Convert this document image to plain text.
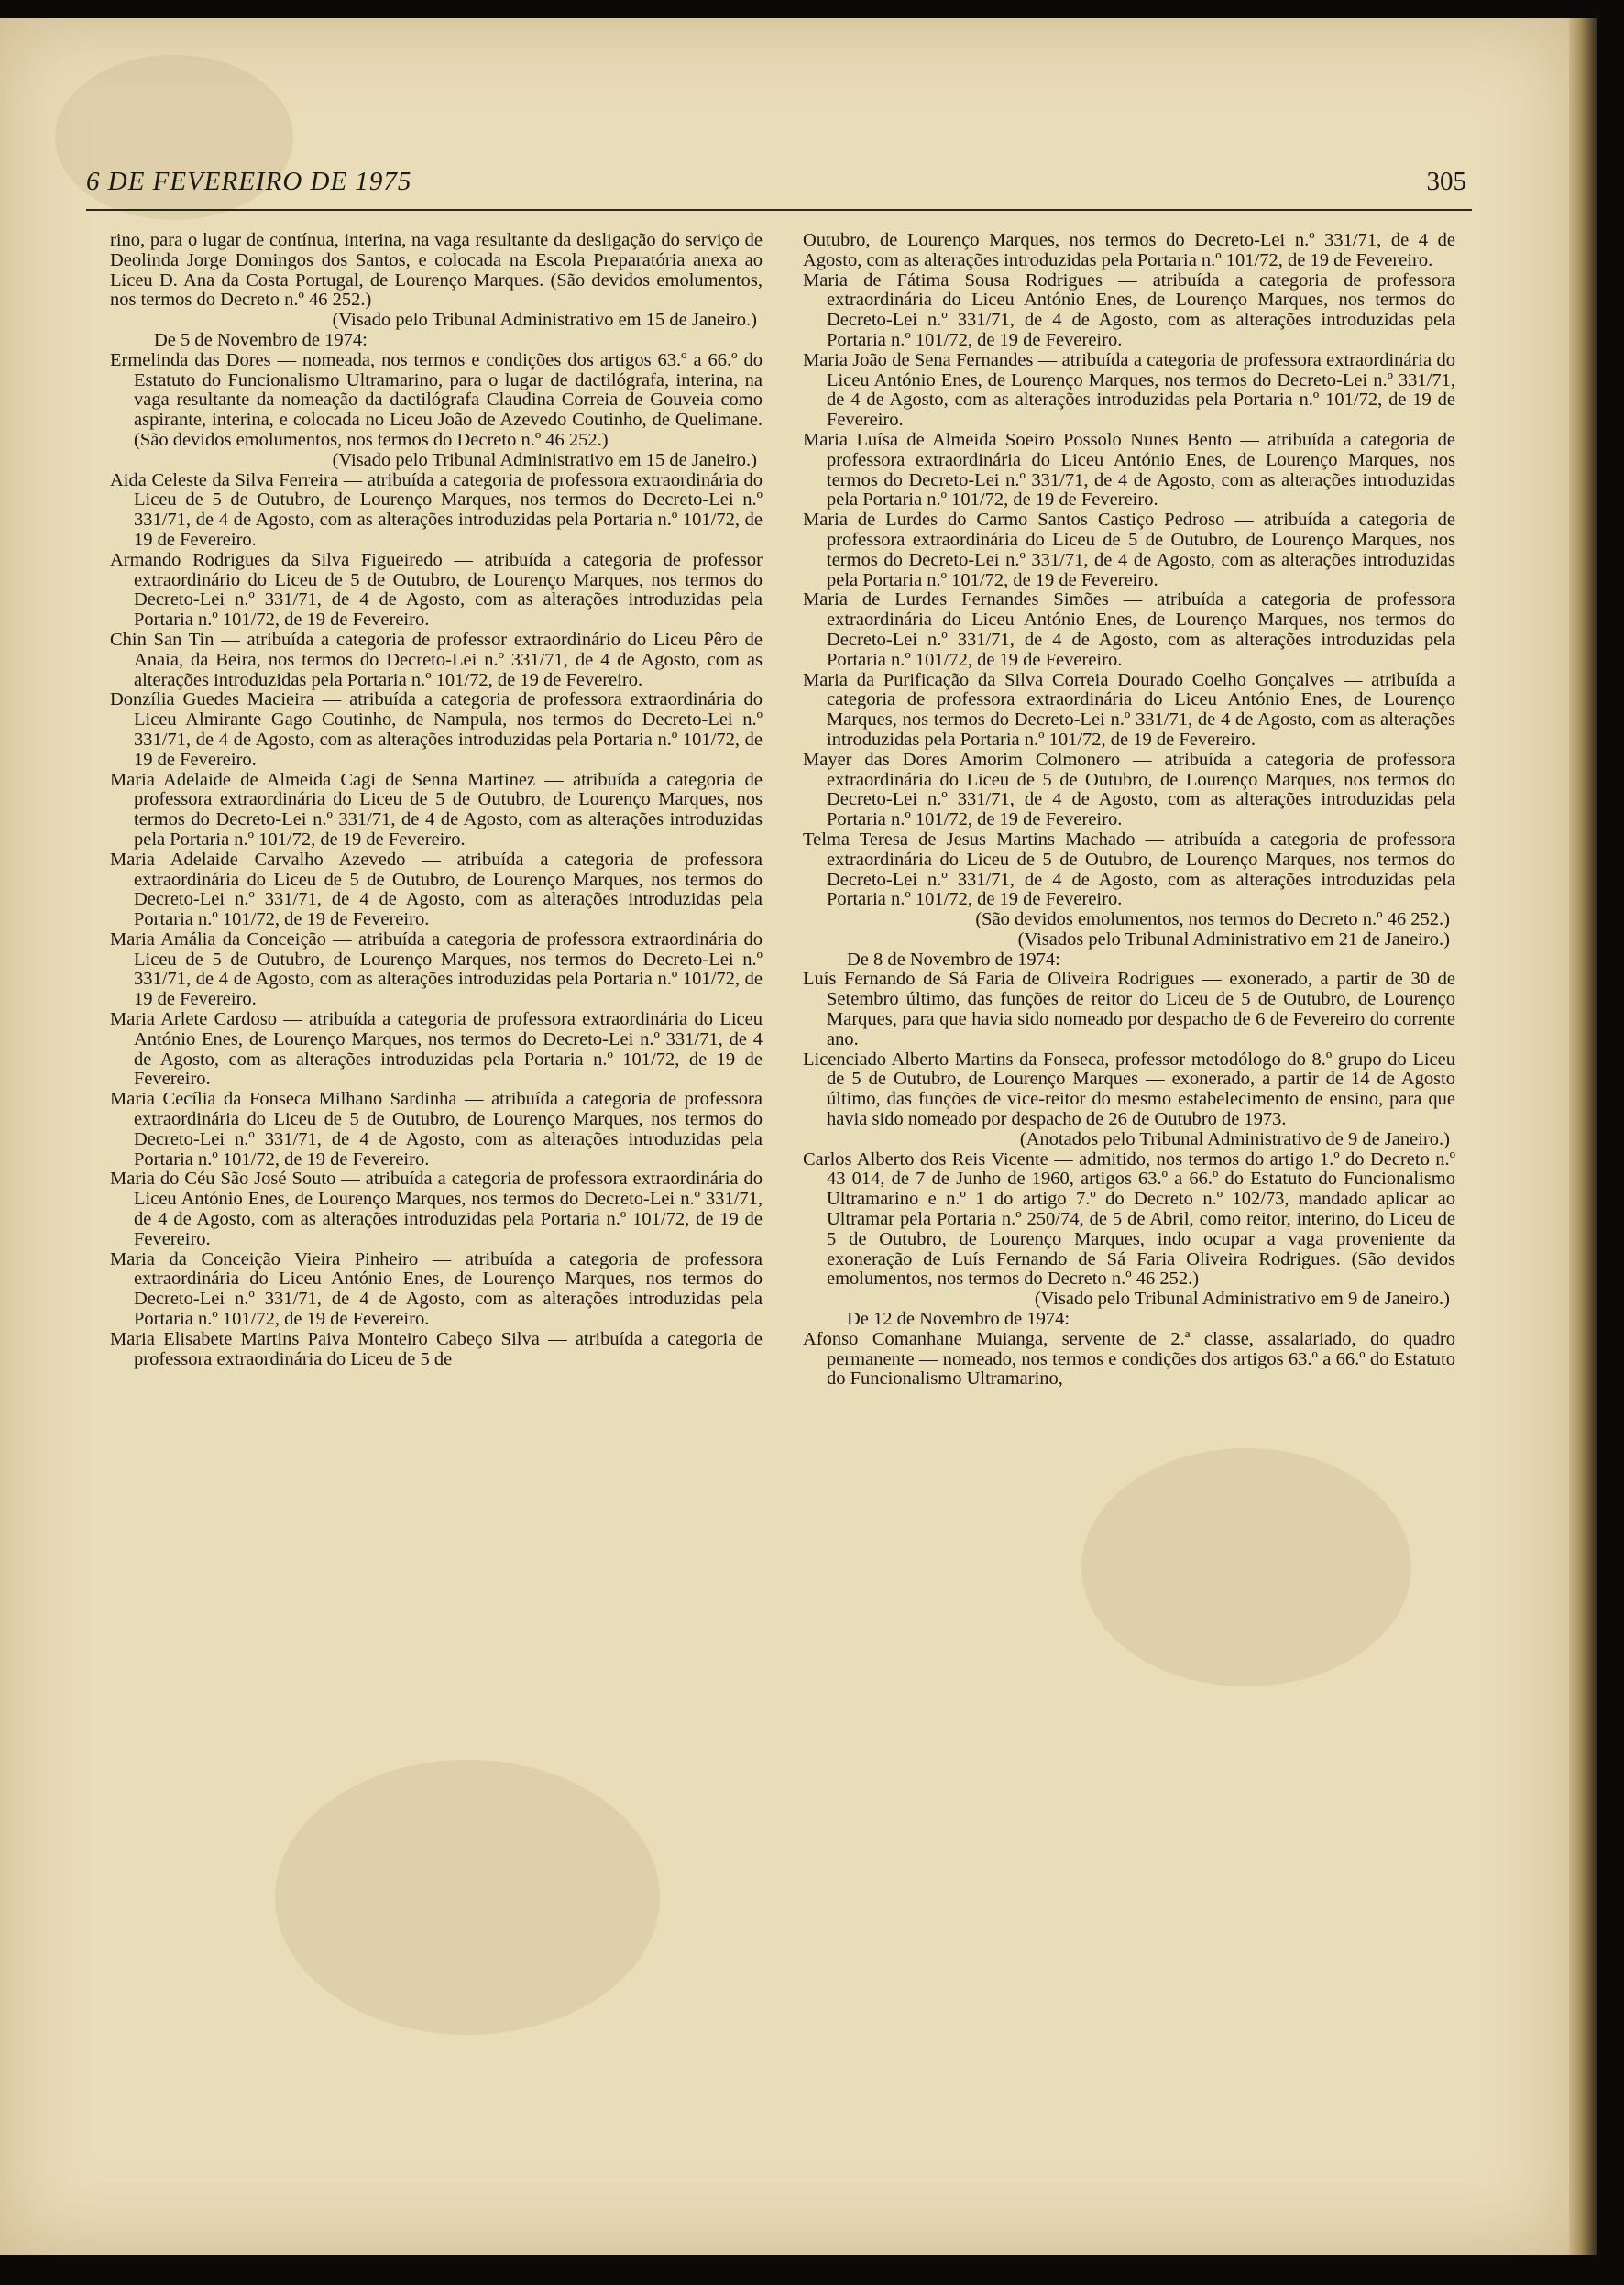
6 DE FEVEREIRO DE 1975	305

rino, para o lugar de contínua, interina, na vaga resultante da desligação do serviço de Deolinda Jorge Domingos dos Santos, e colocada na Escola Preparatória anexa ao Liceu D. Ana da Costa Portugal, de Lourenço Marques. (São devidos emolumentos, nos termos do Decreto n.º 46 252.)

(Visado pelo Tribunal Administrativo em 15 de Janeiro.)

De 5 de Novembro de 1974:

Ermelinda das Dores — nomeada, nos termos e condições dos artigos 63.º a 66.º do Estatuto do Funcionalismo Ultramarino, para o lugar de dactilógrafa, interina, na vaga resultante da nomeação da dactilógrafa Claudina Correia de Gouveia como aspirante, interina, e colocada no Liceu João de Azevedo Coutinho, de Quelimane. (São devidos emolumentos, nos termos do Decreto n.º 46 252.)

(Visado pelo Tribunal Administrativo em 15 de Janeiro.)

Aida Celeste da Silva Ferreira — atribuída a categoria de professora extraordinária do Liceu de 5 de Outubro, de Lourenço Marques, nos termos do Decreto-Lei n.º 331/71, de 4 de Agosto, com as alterações introduzidas pela Portaria n.º 101/72, de 19 de Fevereiro.

Armando Rodrigues da Silva Figueiredo — atribuída a categoria de professor extraordinário do Liceu de 5 de Outubro, de Lourenço Marques, nos termos do Decreto-Lei n.º 331/71, de 4 de Agosto, com as alterações introduzidas pela Portaria n.º 101/72, de 19 de Fevereiro.

Chin San Tin — atribuída a categoria de professor extraordinário do Liceu Pêro de Anaia, da Beira, nos termos do Decreto-Lei n.º 331/71, de 4 de Agosto, com as alterações introduzidas pela Portaria n.º 101/72, de 19 de Fevereiro.

Donzília Guedes Macieira — atribuída a categoria de professora extraordinária do Liceu Almirante Gago Coutinho, de Nampula, nos termos do Decreto-Lei n.º 331/71, de 4 de Agosto, com as alterações introduzidas pela Portaria n.º 101/72, de 19 de Fevereiro.

Maria Adelaide de Almeida Cagi de Senna Martinez — atribuída a categoria de professora extraordinária do Liceu de 5 de Outubro, de Lourenço Marques, nos termos do Decreto-Lei n.º 331/71, de 4 de Agosto, com as alterações introduzidas pela Portaria n.º 101/72, de 19 de Fevereiro.

Maria Adelaide Carvalho Azevedo — atribuída a categoria de professora extraordinária do Liceu de 5 de Outubro, de Lourenço Marques, nos termos do Decreto-Lei n.º 331/71, de 4 de Agosto, com as alterações introduzidas pela Portaria n.º 101/72, de 19 de Fevereiro.

Maria Amália da Conceição — atribuída a categoria de professora extraordinária do Liceu de 5 de Outubro, de Lourenço Marques, nos termos do Decreto-Lei n.º 331/71, de 4 de Agosto, com as alterações introduzidas pela Portaria n.º 101/72, de 19 de Fevereiro.

Maria Arlete Cardoso — atribuída a categoria de professora extraordinária do Liceu António Enes, de Lourenço Marques, nos termos do Decreto-Lei n.º 331/71, de 4 de Agosto, com as alterações introduzidas pela Portaria n.º 101/72, de 19 de Fevereiro.

Maria Cecília da Fonseca Milhano Sardinha — atribuída a categoria de professora extraordinária do Liceu de 5 de Outubro, de Lourenço Marques, nos termos do Decreto-Lei n.º 331/71, de 4 de Agosto, com as alterações introduzidas pela Portaria n.º 101/72, de 19 de Fevereiro.

Maria do Céu São José Souto — atribuída a categoria de professora extraordinária do Liceu António Enes, de Lourenço Marques, nos termos do Decreto-Lei n.º 331/71, de 4 de Agosto, com as alterações introduzidas pela Portaria n.º 101/72, de 19 de Fevereiro.

Maria da Conceição Vieira Pinheiro — atribuída a categoria de professora extraordinária do Liceu António Enes, de Lourenço Marques, nos termos do Decreto-Lei n.º 331/71, de 4 de Agosto, com as alterações introduzidas pela Portaria n.º 101/72, de 19 de Fevereiro.

Maria Elisabete Martins Paiva Monteiro Cabeço Silva — atribuída a categoria de professora extraordinária do Liceu de 5 de

Outubro, de Lourenço Marques, nos termos do Decreto-Lei n.º 331/71, de 4 de Agosto, com as alterações introduzidas pela Portaria n.º 101/72, de 19 de Fevereiro.

Maria de Fátima Sousa Rodrigues — atribuída a categoria de professora extraordinária do Liceu António Enes, de Lourenço Marques, nos termos do Decreto-Lei n.º 331/71, de 4 de Agosto, com as alterações introduzidas pela Portaria n.º 101/72, de 19 de Fevereiro.

Maria João de Sena Fernandes — atribuída a categoria de professora extraordinária do Liceu António Enes, de Lourenço Marques, nos termos do Decreto-Lei n.º 331/71, de 4 de Agosto, com as alterações introduzidas pela Portaria n.º 101/72, de 19 de Fevereiro.

Maria Luísa de Almeida Soeiro Possolo Nunes Bento — atribuída a categoria de professora extraordinária do Liceu António Enes, de Lourenço Marques, nos termos do Decreto-Lei n.º 331/71, de 4 de Agosto, com as alterações introduzidas pela Portaria n.º 101/72, de 19 de Fevereiro.

Maria de Lurdes do Carmo Santos Castiço Pedroso — atribuída a categoria de professora extraordinária do Liceu de 5 de Outubro, de Lourenço Marques, nos termos do Decreto-Lei n.º 331/71, de 4 de Agosto, com as alterações introduzidas pela Portaria n.º 101/72, de 19 de Fevereiro.

Maria de Lurdes Fernandes Simões — atribuída a categoria de professora extraordinária do Liceu António Enes, de Lourenço Marques, nos termos do Decreto-Lei n.º 331/71, de 4 de Agosto, com as alterações introduzidas pela Portaria n.º 101/72, de 19 de Fevereiro.

Maria da Purificação da Silva Correia Dourado Coelho Gonçalves — atribuída a categoria de professora extraordinária do Liceu António Enes, de Lourenço Marques, nos termos do Decreto-Lei n.º 331/71, de 4 de Agosto, com as alterações introduzidas pela Portaria n.º 101/72, de 19 de Fevereiro.

Mayer das Dores Amorim Colmonero — atribuída a categoria de professora extraordinária do Liceu de 5 de Outubro, de Lourenço Marques, nos termos do Decreto-Lei n.º 331/71, de 4 de Agosto, com as alterações introduzidas pela Portaria n.º 101/72, de 19 de Fevereiro.

Telma Teresa de Jesus Martins Machado — atribuída a categoria de professora extraordinária do Liceu de 5 de Outubro, de Lourenço Marques, nos termos do Decreto-Lei n.º 331/71, de 4 de Agosto, com as alterações introduzidas pela Portaria n.º 101/72, de 19 de Fevereiro.

(São devidos emolumentos, nos termos do Decreto n.º 46 252.)

(Visados pelo Tribunal Administrativo em 21 de Janeiro.)

De 8 de Novembro de 1974:

Luís Fernando de Sá Faria de Oliveira Rodrigues — exonerado, a partir de 30 de Setembro último, das funções de reitor do Liceu de 5 de Outubro, de Lourenço Marques, para que havia sido nomeado por despacho de 6 de Fevereiro do corrente ano.

Licenciado Alberto Martins da Fonseca, professor metodólogo do 8.º grupo do Liceu de 5 de Outubro, de Lourenço Marques — exonerado, a partir de 14 de Agosto último, das funções de vice-reitor do mesmo estabelecimento de ensino, para que havia sido nomeado por despacho de 26 de Outubro de 1973.

(Anotados pelo Tribunal Administrativo de 9 de Janeiro.)

Carlos Alberto dos Reis Vicente — admitido, nos termos do artigo 1.º do Decreto n.º 43 014, de 7 de Junho de 1960, artigos 63.º a 66.º do Estatuto do Funcionalismo Ultramarino e n.º 1 do artigo 7.º do Decreto n.º 102/73, mandado aplicar ao Ultramar pela Portaria n.º 250/74, de 5 de Abril, como reitor, interino, do Liceu de 5 de Outubro, de Lourenço Marques, indo ocupar a vaga proveniente da exoneração de Luís Fernando de Sá Faria Oliveira Rodrigues. (São devidos emolumentos, nos termos do Decreto n.º 46 252.)

(Visado pelo Tribunal Administrativo em 9 de Janeiro.)

De 12 de Novembro de 1974:

Afonso Comanhane Muianga, servente de 2.ª classe, assalariado, do quadro permanente — nomeado, nos termos e condições dos artigos 63.º a 66.º do Estatuto do Funcionalismo Ultramarino,
